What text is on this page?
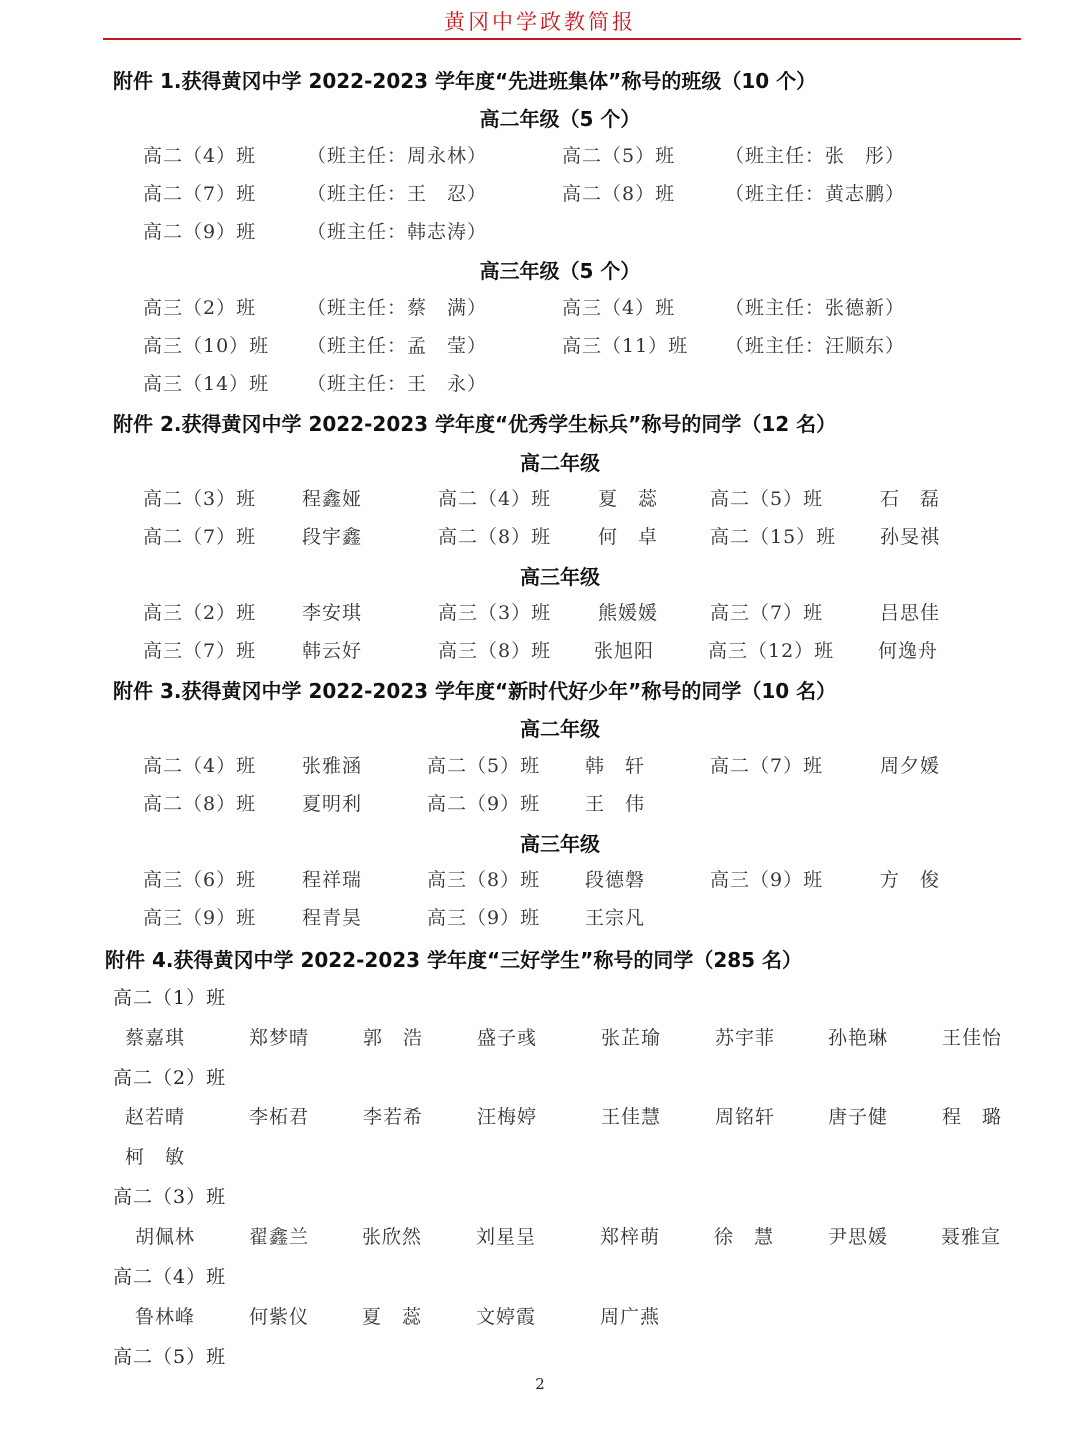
黄冈中学政教简报
附件 1.获得黄冈中学 2022-2023 学年度“先进班集体”称号的班级（10 个）
高二年级（5 个）
高二（4）班	（班主任：周永林）	高二（5）班	（班主任：张　彤）
高二（7）班	（班主任：王　忍）	高二（8）班	（班主任：黄志鹏）
高二（9）班	（班主任：韩志涛）
高三年级（5 个）
高三（2）班	（班主任：蔡　满）	高三（4）班	（班主任：张德新）
高三（10）班 （班主任：孟　莹）	高三（11）班 （班主任：汪顺东）
高三（14）班 （班主任：王　永）
附件 2.获得黄冈中学 2022-2023 学年度“优秀学生标兵”称号的同学（12 名）
高二年级
高二（3）班 程鑫娅	高二（4）班 夏　蕊	高二（5）班	石　磊
高二（7）班 段宇鑫	高二（8）班 何　卓	高二（15）班 孙旻祺
高三年级
高三（2）班 李安琪	高三（3）班 熊媛媛	高三（7）班	吕思佳
高三（7）班 韩云好	高三（8）班 张旭阳	高三（12）班 何逸舟
附件 3.获得黄冈中学 2022-2023 学年度“新时代好少年”称号的同学（10 名）
高二年级
高二（4）班 张雅涵	高二（5）班 韩　轩	高二（7）班	周夕媛
高二（8）班 夏明利	高二（9）班 王　伟
高三年级
高三（6）班 程祥瑞	高三（8）班 段德磐	高三（9）班	方　俊
高三（9）班 程青昊	高三（9）班 王宗凡
附件 4.获得黄冈中学 2022-2023 学年度“三好学生”称号的同学（285 名）
高二（1）班
蔡嘉琪	郑梦晴	郭　浩	盛子彧	张芷瑜	苏宇菲	孙艳琳	王佳怡
高二（2）班
赵若晴	李柘君	李若希	汪梅婷	王佳慧	周铭轩	唐子健	程　璐
柯　敏
高二（3）班
胡佩林	翟鑫兰	张欣然	刘星呈	郑梓萌	徐　慧	尹思媛	聂雅宣
高二（4）班
鲁林峰	何紫仪	夏　蕊	文婷霞	周广燕
高二（5）班
2
